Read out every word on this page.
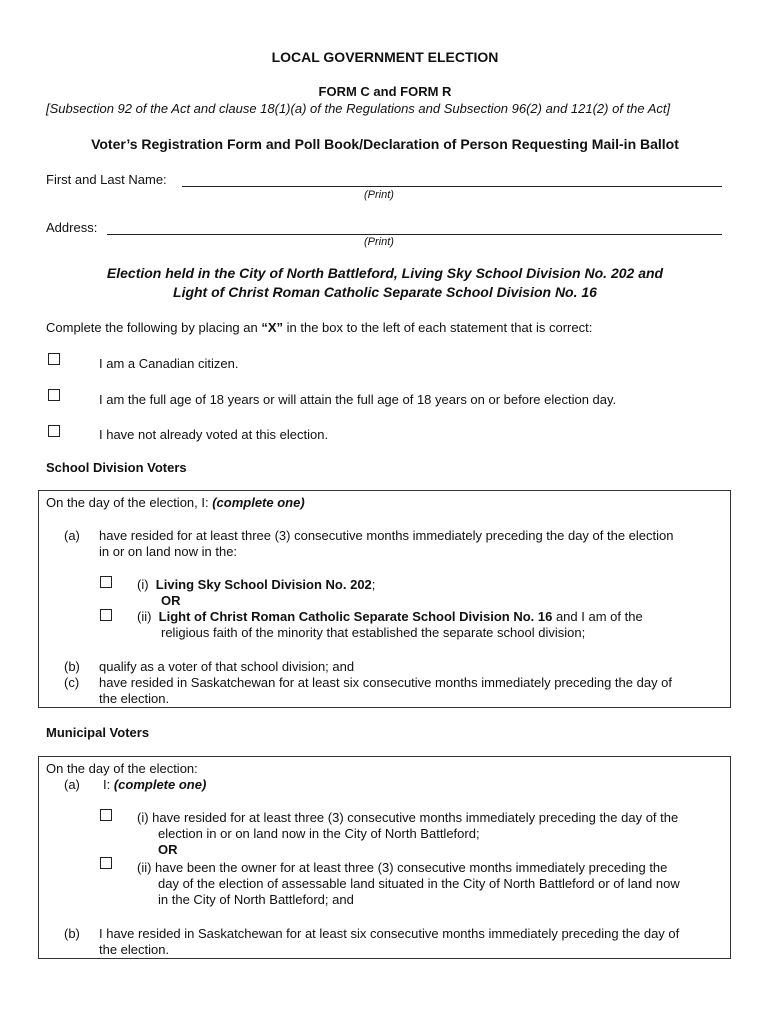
LOCAL GOVERNMENT ELECTION
FORM C and FORM R
[Subsection 92 of the Act and clause 18(1)(a) of the Regulations and Subsection 96(2) and 121(2) of the Act]
Voter’s Registration Form and Poll Book/Declaration of Person Requesting Mail-in Ballot
First and Last Name:
(Print)
Address:
(Print)
Election held in the City of North Battleford, Living Sky School Division No. 202 and
Light of Christ Roman Catholic Separate School Division No. 16
Complete the following by placing an “X” in the box to the left of each statement that is correct:
I am a Canadian citizen.
I am the full age of 18 years or will attain the full age of 18 years on or before election day.
I have not already voted at this election.
School Division Voters
On the day of the election, I: (complete one)
(a) have resided for at least three (3) consecutive months immediately preceding the day of the election
in or on land now in the:
(i) Living Sky School Division No. 202;
OR
(ii) Light of Christ Roman Catholic Separate School Division No. 16 and I am of the
religious faith of the minority that established the separate school division;
(b) qualify as a voter of that school division; and
(c) have resided in Saskatchewan for at least six consecutive months immediately preceding the day of
the election.
Municipal Voters
On the day of the election:
(a) I: (complete one)
(i) have resided for at least three (3) consecutive months immediately preceding the day of the
election in or on land now in the City of North Battleford;
OR
(ii) have been the owner for at least three (3) consecutive months immediately preceding the
day of the election of assessable land situated in the City of North Battleford or of land now
in the City of North Battleford; and
(b) I have resided in Saskatchewan for at least six consecutive months immediately preceding the day of
the election.
